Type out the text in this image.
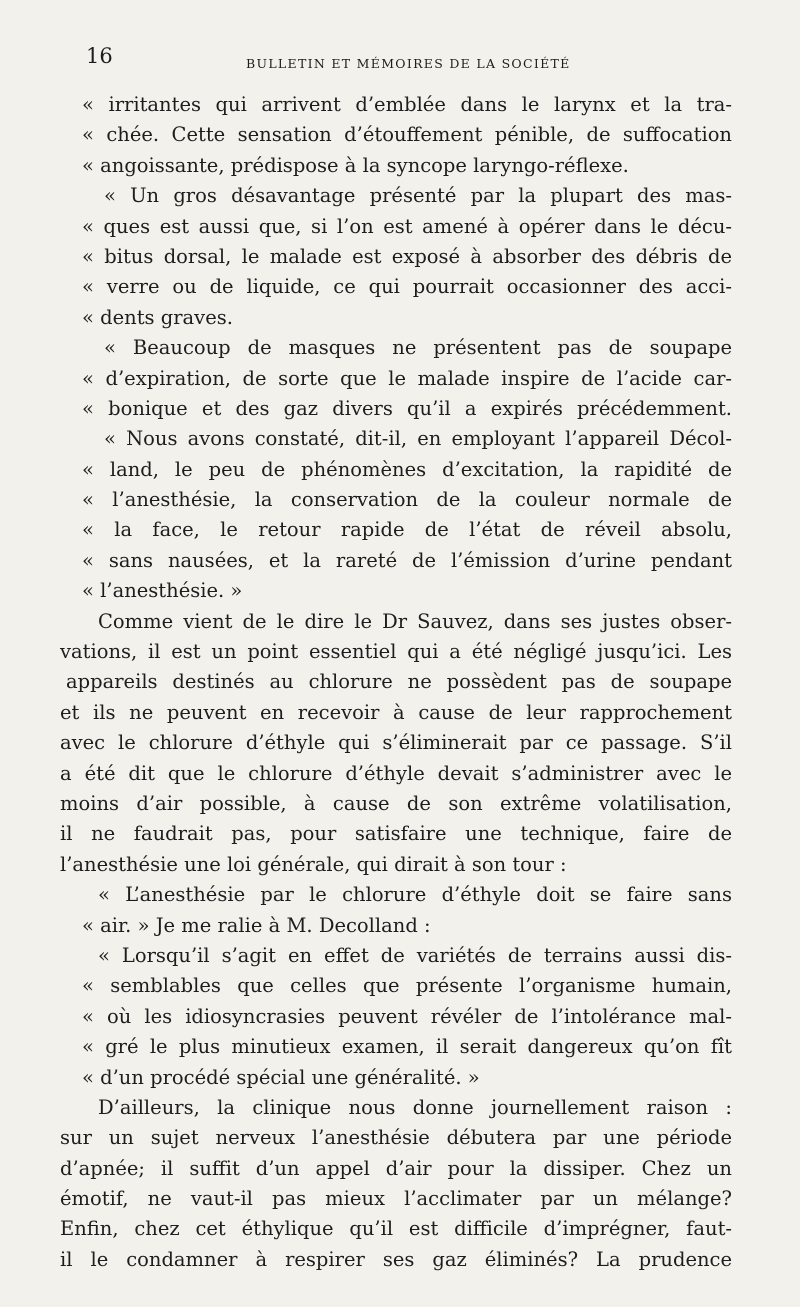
16	BULLETIN ET MÉMOIRES DE LA SOCIÉTÉ
« irritantes qui arrivent d’emblée dans le larynx et la tra-
« chée. Cette sensation d’étouffement pénible, de suffocation
« angoissante, prédispose à la syncope laryngo-réflexe.
« Un gros désavantage présenté par la plupart des mas-
« ques est aussi que, si l’on est amené à opérer dans le décu-
« bitus dorsal, le malade est exposé à absorber des débris de
« verre ou de liquide, ce qui pourrait occasionner des acci-
« dents graves.
« Beaucoup de masques ne présentent pas de soupape
« d’expiration, de sorte que le malade inspire de l’acide car-
« bonique et des gaz divers qu’il a expirés précédemment.
« Nous avons constaté, dit-il, en employant l’appareil Décol-
« land, le peu de phénomènes d’excitation, la rapidité de
« l’anesthésie, la conservation de la couleur normale de
« la face, le retour rapide de l’état de réveil absolu,
« sans nausées, et la rareté de l’émission d’urine pendant
« l’anesthésie. »
Comme vient de le dire le Dr Sauvez, dans ses justes obser-
vations, il est un point essentiel qui a été négligé jusqu’ici. Les
appareils destinés au chlorure ne possèdent pas de soupape
et ils ne peuvent en recevoir à cause de leur rapprochement
avec le chlorure d’éthyle qui s’éliminerait par ce passage. S’il
a été dit que le chlorure d’éthyle devait s’administrer avec le
moins d’air possible, à cause de son extrême volatilisation,
il ne faudrait pas, pour satisfaire une technique, faire de
l’anesthésie une loi générale, qui dirait à son tour :
« L’anesthésie par le chlorure d’éthyle doit se faire sans
« air. » Je me ralie à M. Decolland :
« Lorsqu’il s’agit en effet de variétés de terrains aussi dis-
« semblables que celles que présente l’organisme humain,
« où les idiosyncrasies peuvent révéler de l’intolérance mal-
« gré le plus minutieux examen, il serait dangereux qu’on fît
« d’un procédé spécial une généralité. »
D’ailleurs, la clinique nous donne journellement raison :
sur un sujet nerveux l’anesthésie débutera par une période
d’apnée; il suffit d’un appel d’air pour la dissiper. Chez un
émotif, ne vaut-il pas mieux l’acclimater par un mélange?
Enfin, chez cet éthylique qu’il est difficile d’imprégner, faut-
il le condamner à respirer ses gaz éliminés? La prudence
